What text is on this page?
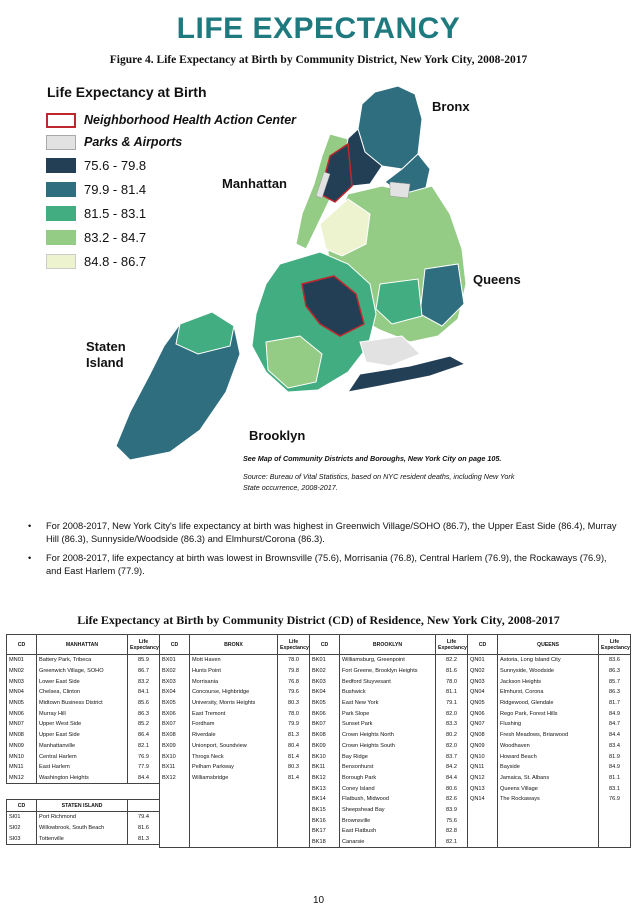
LIFE EXPECTANCY
Figure 4. Life Expectancy at Birth by Community District, New York City, 2008-2017
Life Expectancy at Birth
Neighborhood Health Action Center
Parks & Airports
75.6 - 79.8
79.9 - 81.4
81.5 - 83.1
83.2 - 84.7
84.8 - 86.7
Bronx
Manhattan
Queens
Staten
Island
Brooklyn
See Map of Community Districts and Boroughs, New York City on page 105.
Source: Bureau of Vital Statistics, based on NYC resident deaths, including New York
State occurrence, 2008-2017.
•	For 2008-2017, New York City's life expectancy at birth was highest in Greenwich Village/SOHO (86.7), the Upper East Side (86.4), Murray Hill (86.3), Sunnyside/Woodside (86.3) and Elmhurst/Corona (86.3).
•	For 2008-2017, life expectancy at birth was lowest in Brownsville (75.6), Morrisania (76.8), Central Harlem (76.9), the Rockaways (76.9), and East Harlem (77.9).
Life Expectancy at Birth by Community District (CD) of Residence, New York City, 2008-2017
CD	MANHATTAN	Life Expectancy
MN01	Battery Park, Tribeca	85.9
MN02	Greenwich Village, SOHO	86.7
MN03	Lower East Side	83.2
MN04	Chelsea, Clinton	84.1
MN05	Midtown Business District	85.6
MN06	Murray Hill	86.3
MN07	Upper West Side	85.2
MN08	Upper East Side	86.4
MN09	Manhattanville	82.1
MN10	Central Harlem	76.9
MN11	East Harlem	77.9
MN12	Washington Heights	84.4
CD	STATEN ISLAND	
SI01	Port Richmond	79.4
SI02	Willowbrook, South Beach	81.6
SI03	Tottenville	81.3
CD	BRONX	Life Expectancy
BX01	Mott Haven	78.0
BX02	Hunts Point	79.8
BX03	Morrisania	76.8
BX04	Concourse, Highbridge	79.6
BX05	University, Morris Heights	80.3
BX06	East Tremont	78.0
BX07	Fordham	79.9
BX08	Riverdale	81.3
BX09	Unionport, Soundview	80.4
BX10	Throgs Neck	81.4
BX11	Pelham Parkway	80.3
BX12	Williamsbridge	81.4

CD	BROOKLYN	Life Expectancy
BK01	Williamsburg, Greenpoint	82.2
BK02	Fort Greene, Brooklyn Heights	81.6
BK03	Bedford Stuyvesant	78.0
BK04	Bushwick	81.1
BK05	East New York	79.1
BK06	Park Slope	82.0
BK07	Sunset Park	83.3
BK08	Crown Heights North	80.2
BK09	Crown Heights South	82.0
BK10	Bay Ridge	83.7
BK11	Bensonhurst	84.2
BK12	Borough Park	84.4
BK13	Coney Island	80.6
BK14	Flatbush, Midwood	82.6
BK15	Sheepshead Bay	83.9
BK16	Brownsville	75.6
BK17	East Flatbush	82.8
BK18	Canarsie	82.1
CD	QUEENS	Life Expectancy
QN01	Astoria, Long Island City	83.6
QN02	Sunnyside, Woodside	86.3
QN03	Jackson Heights	85.7
QN04	Elmhurst, Corona	86.3
QN05	Ridgewood, Glendale	81.7
QN06	Rego Park, Forest Hills	84.9
QN07	Flushing	84.7
QN08	Fresh Meadows, Briarwood	84.4
QN09	Woodhaven	83.4
QN10	Howard Beach	81.9
QN11	Bayside	84.9
QN12	Jamaica, St. Albans	81.1
QN13	Queens Village	83.1
QN14	The Rockaways	76.9

10
